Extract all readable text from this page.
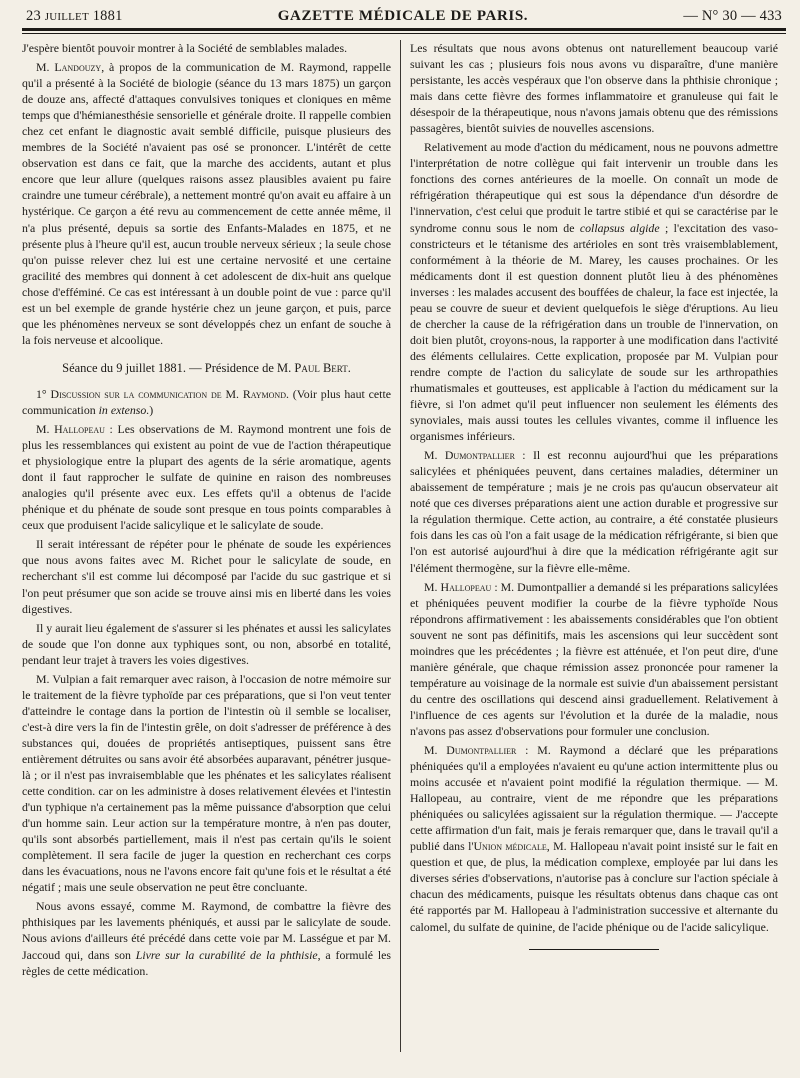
23 JUILLET 1881	GAZETTE MÉDICALE DE PARIS.	— N° 30 — 433

J'espère bientôt pouvoir montrer à la Société de semblables malades.

M. Landouzy, à propos de la communication de M. Raymond, rappelle qu'il a présenté à la Société de biologie (séance du 13 mars 1875) un garçon de douze ans, affecté d'attaques convulsives toniques et cloniques en même temps que d'hémianesthésie sensorielle et générale droite. Il rappelle combien chez cet enfant le diagnostic avait semblé difficile, puisque plusieurs des membres de la Société n'avaient pas osé se prononcer. L'intérêt de cette observation est dans ce fait, que la marche des accidents, autant et plus encore que leur allure (quelques raisons assez plausibles avaient pu faire craindre une tumeur cérébrale), a nettement montré qu'on avait eu affaire à un hystérique. Ce garçon a été revu au commencement de cette année même, il n'a plus présenté, depuis sa sortie des Enfants-Malades en 1875, et ne présente plus à l'heure qu'il est, aucun trouble nerveux sérieux ; la seule chose qu'on puisse relever chez lui est une certaine nervosité et une certaine gracilité des membres qui donnent à cet adolescent de dix-huit ans quelque chose d'efféminé. Ce cas est intéressant à un double point de vue : parce qu'il est un bel exemple de grande hystérie chez un jeune garçon, et puis, parce que les phénomènes nerveux se sont développés chez un enfant de souche à la fois nerveuse et alcoolique.

Séance du 9 juillet 1881. — Présidence de M. Paul Bert.

1° Discussion sur la communication de M. Raymond. (Voir plus haut cette communication in extenso.)

M. Hallopeau : Les observations de M. Raymond montrent une fois de plus les ressemblances qui existent au point de vue de l'action thérapeutique et physiologique entre la plupart des agents de la série aromatique, agents dont il faut rapprocher le sulfate de quinine en raison des nombreuses analogies qu'il présente avec eux. Les effets qu'il a obtenus de l'acide phénique et du phénate de soude sont presque en tous points comparables à ceux que produisent l'acide salicylique et le salicylate de soude.

Il serait intéressant de répéter pour le phénate de soude les expériences que nous avons faites avec M. Richet pour le salicylate de soude, en recherchant s'il est comme lui décomposé par l'acide du suc gastrique et si l'on peut présumer que son acide se trouve ainsi mis en liberté dans les voies digestives.

Il y aurait lieu également de s'assurer si les phénates et aussi les salicylates de soude que l'on donne aux typhiques sont, ou non, absorbé en totalité, pendant leur trajet à travers les voies digestives.

M. Vulpian a fait remarquer avec raison, à l'occasion de notre mémoire sur le traitement de la fièvre typhoïde par ces préparations, que si l'on veut tenter d'atteindre le contage dans la portion de l'intestin où il semble se localiser, c'est-à dire vers la fin de l'intestin grêle, on doit s'adresser de préférence à des substances qui, douées de propriétés antiseptiques, puissent sans être entièrement détruites ou sans avoir été absorbées auparavant, pénétrer jusque-là ; or il n'est pas invraisemblable que les phénates et les salicylates réalisent cette condition. car on les administre à doses relativement élevées et l'intestin d'un typhique n'a certainement pas la même puissance d'absorption que celui d'un homme sain. Leur action sur la température montre, à n'en pas douter, qu'ils sont absorbés partiellement, mais il n'est pas certain qu'ils le soient complètement. Il sera facile de juger la question en recherchant ces corps dans les évacuations, nous ne l'avons encore fait qu'une fois et le résultat a été négatif ; mais une seule observation ne peut être concluante.

Nous avons essayé, comme M. Raymond, de combattre la fièvre des phthisiques par les lavements phéniqués, et aussi par le salicylate de soude. Nous avions d'ailleurs été précédé dans cette voie par M. Lasségue et par M. Jaccoud qui, dans son Livre sur la curabilité de la phthisie, a formulé les règles de cette médication.

Les résultats que nous avons obtenus ont naturellement beaucoup varié suivant les cas ; plusieurs fois nous avons vu disparaître, d'une manière persistante, les accès vespéraux que l'on observe dans la phthisie chronique ; mais dans cette fièvre des formes inflammatoire et granuleuse qui fait le désespoir de la thérapeutique, nous n'avons jamais obtenu que des rémissions passagères, bientôt suivies de nouvelles ascensions.

Relativement au mode d'action du médicament, nous ne pouvons admettre l'interprétation de notre collègue qui fait intervenir un trouble dans les fonctions des cornes antérieures de la moelle. On connaît un mode de réfrigération thérapeutique qui est sous la dépendance d'un désordre de l'innervation, c'est celui que produit le tartre stibié et qui se caractérise par le syndrome connu sous le nom de collapsus algide ; l'excitation des vaso-constricteurs et le tétanisme des artérioles en sont très vraisemblablement, conformément à la théorie de M. Marey, les causes prochaines. Or les médicaments dont il est question donnent plutôt lieu à des phénomènes inverses : les malades accusent des bouffées de chaleur, la face est injectée, la peau se couvre de sueur et devient quelquefois le siège d'éruptions. Au lieu de chercher la cause de la réfrigération dans un trouble de l'innervation, on doit bien plutôt, croyons-nous, la rapporter à une modification dans l'activité des éléments cellulaires. Cette explication, proposée par M. Vulpian pour rendre compte de l'action du salicylate de soude sur les arthropathies rhumatismales et goutteuses, est applicable à l'action du médicament sur la fièvre, si l'on admet qu'il peut influencer non seulement les éléments des synoviales, mais aussi toutes les cellules vivantes, comme il influence les organismes inférieurs.

M. Dumontpallier : Il est reconnu aujourd'hui que les préparations salicylées et phéniquées peuvent, dans certaines maladies, déterminer un abaissement de température ; mais je ne crois pas qu'aucun observateur ait noté que ces diverses préparations aient une action durable et progressive sur la régulation thermique. Cette action, au contraire, a été constatée plusieurs fois dans les cas où l'on a fait usage de la médication réfrigérante, si bien que l'on est autorisé aujourd'hui à dire que la médication réfrigérante agit sur l'élément thermogène, sur la fièvre elle-même.

M. Hallopeau : M. Dumontpallier a demandé si les préparations salicylées et phéniquées peuvent modifier la courbe de la fièvre typhoïde Nous répondrons affirmativement : les abaissements considérables que l'on obtient souvent ne sont pas définitifs, mais les ascensions qui leur succèdent sont moindres que les précédentes ; la fièvre est atténuée, et l'on peut dire, d'une manière générale, que chaque rémission assez prononcée pour ramener la température au voisinage de la normale est suivie d'un abaissement persistant du centre des oscillations qui descend ainsi graduellement. Relativement à l'influence de ces agents sur l'évolution et la durée de la maladie, nous n'avons pas assez d'observations pour formuler une conclusion.

M. Dumontpallier : M. Raymond a déclaré que les préparations phéniquées qu'il a employées n'avaient eu qu'une action intermittente plus ou moins accusée et n'avaient point modifié la régulation thermique. — M. Hallopeau, au contraire, vient de me répondre que les préparations phéniquées ou salicylées agissaient sur la régulation thermique. — J'accepte cette affirmation d'un fait, mais je ferais remarquer que, dans le travail qu'il a publié dans l'Union médicale, M. Hallopeau n'avait point insisté sur le fait en question et que, de plus, la médication complexe, employée par lui dans les diverses séries d'observations, n'autorise pas à conclure sur l'action spéciale à chacun des médicaments, puisque les résultats obtenus dans chaque cas ont été rapportés par M. Hallopeau à l'administration successive et alternante du calomel, du sulfate de quinine, de l'acide phénique ou de l'acide salicylique.
